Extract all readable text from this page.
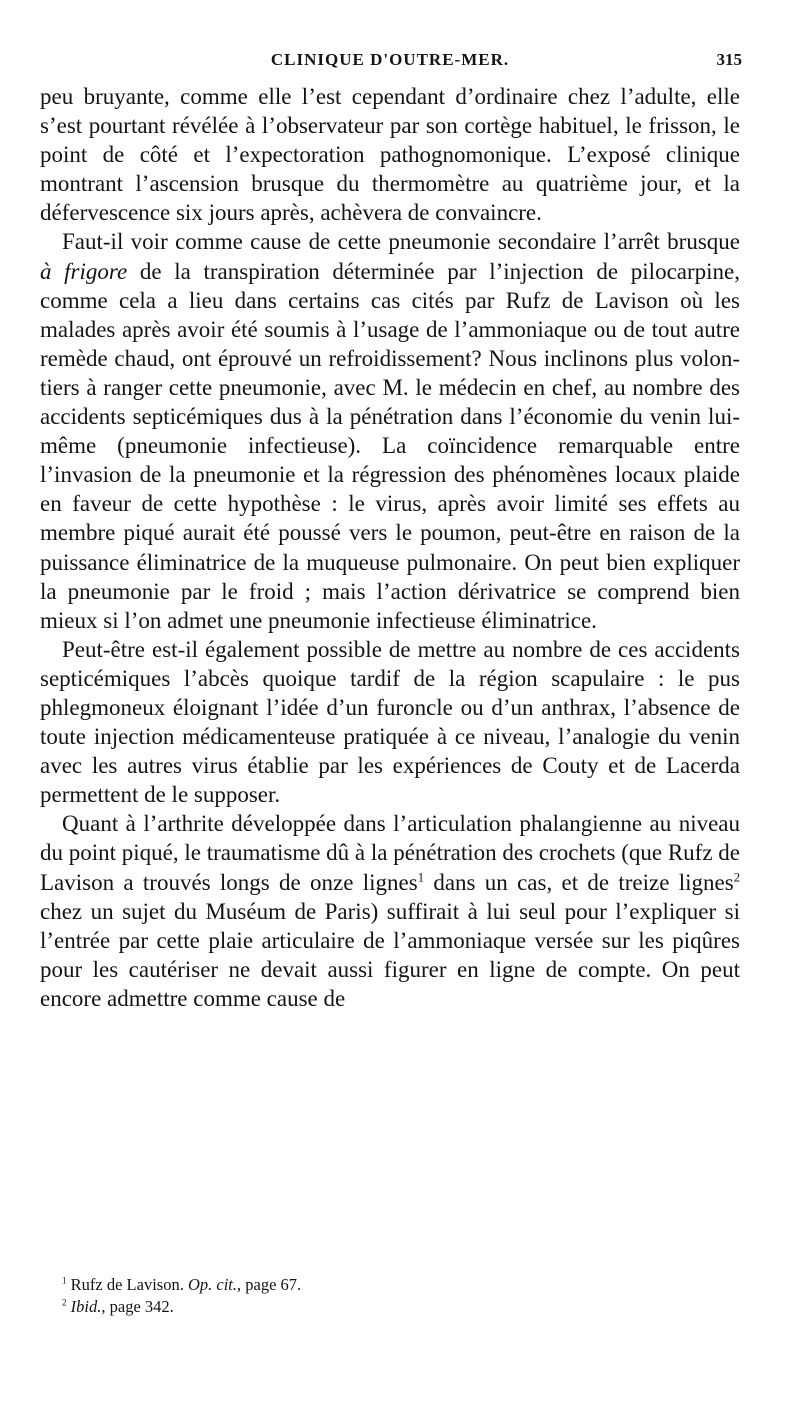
CLINIQUE D'OUTRE-MER.	315

peu bruyante, comme elle l’est cependant d’ordinaire chez l’adulte, elle s’est pourtant révélée à l’observateur par son cortège habituel, le frisson, le point de côté et l’expectoration pathognomonique. L’exposé clinique montrant l’ascension brusque du thermomètre au quatrième jour, et la défervescence six jours après, achèvera de convaincre.

Faut-il voir comme cause de cette pneumonie secondaire l’arrêt brusque à frigore de la transpiration déterminée par l’injection de pilocarpine, comme cela a lieu dans certains cas cités par Rufz de Lavison où les malades après avoir été soumis à l’usage de l’ammoniaque ou de tout autre remède chaud, ont éprouvé un refroidissement? Nous inclinons plus volontiers à ranger cette pneumonie, avec M. le médecin en chef, au nombre des accidents septicémiques dus à la pénétration dans l’économie du venin lui-même (pneumonie infectieuse). La coïncidence remarquable entre l’invasion de la pneumonie et la régression des phénomènes locaux plaide en faveur de cette hypothèse : le virus, après avoir limité ses effets au membre piqué aurait été poussé vers le poumon, peut-être en raison de la puissance éliminatrice de la muqueuse pulmonaire. On peut bien expliquer la pneumonie par le froid ; mais l’action dérivatrice se comprend bien mieux si l’on admet une pneumonie infectieuse éliminatrice.

Peut-être est-il également possible de mettre au nombre de ces accidents septicémiques l’abcès quoique tardif de la région scapulaire : le pus phlegmoneux éloignant l’idée d’un furoncle ou d’un anthrax, l’absence de toute injection médicamenteuse pratiquée à ce niveau, l’analogie du venin avec les autres virus établie par les expériences de Couty et de Lacerda permettent de le supposer.

Quant à l’arthrite développée dans l’articulation phalangienne au niveau du point piqué, le traumatisme dû à la pénétration des crochets (que Rufz de Lavison a trouvés longs de onze lignes$^1$ dans un cas, et de treize lignes$^2$ chez un sujet du Muséum de Paris) suffirait à lui seul pour l’expliquer si l’entrée par cette plaie articulaire de l’ammoniaque versée sur les piqûres pour les cautériser ne devait aussi figurer en ligne de compte. On peut encore admettre comme cause de

$^1$ Rufz de Lavison. Op. cit., page 67.
$^2$ Ibid., page 342.
